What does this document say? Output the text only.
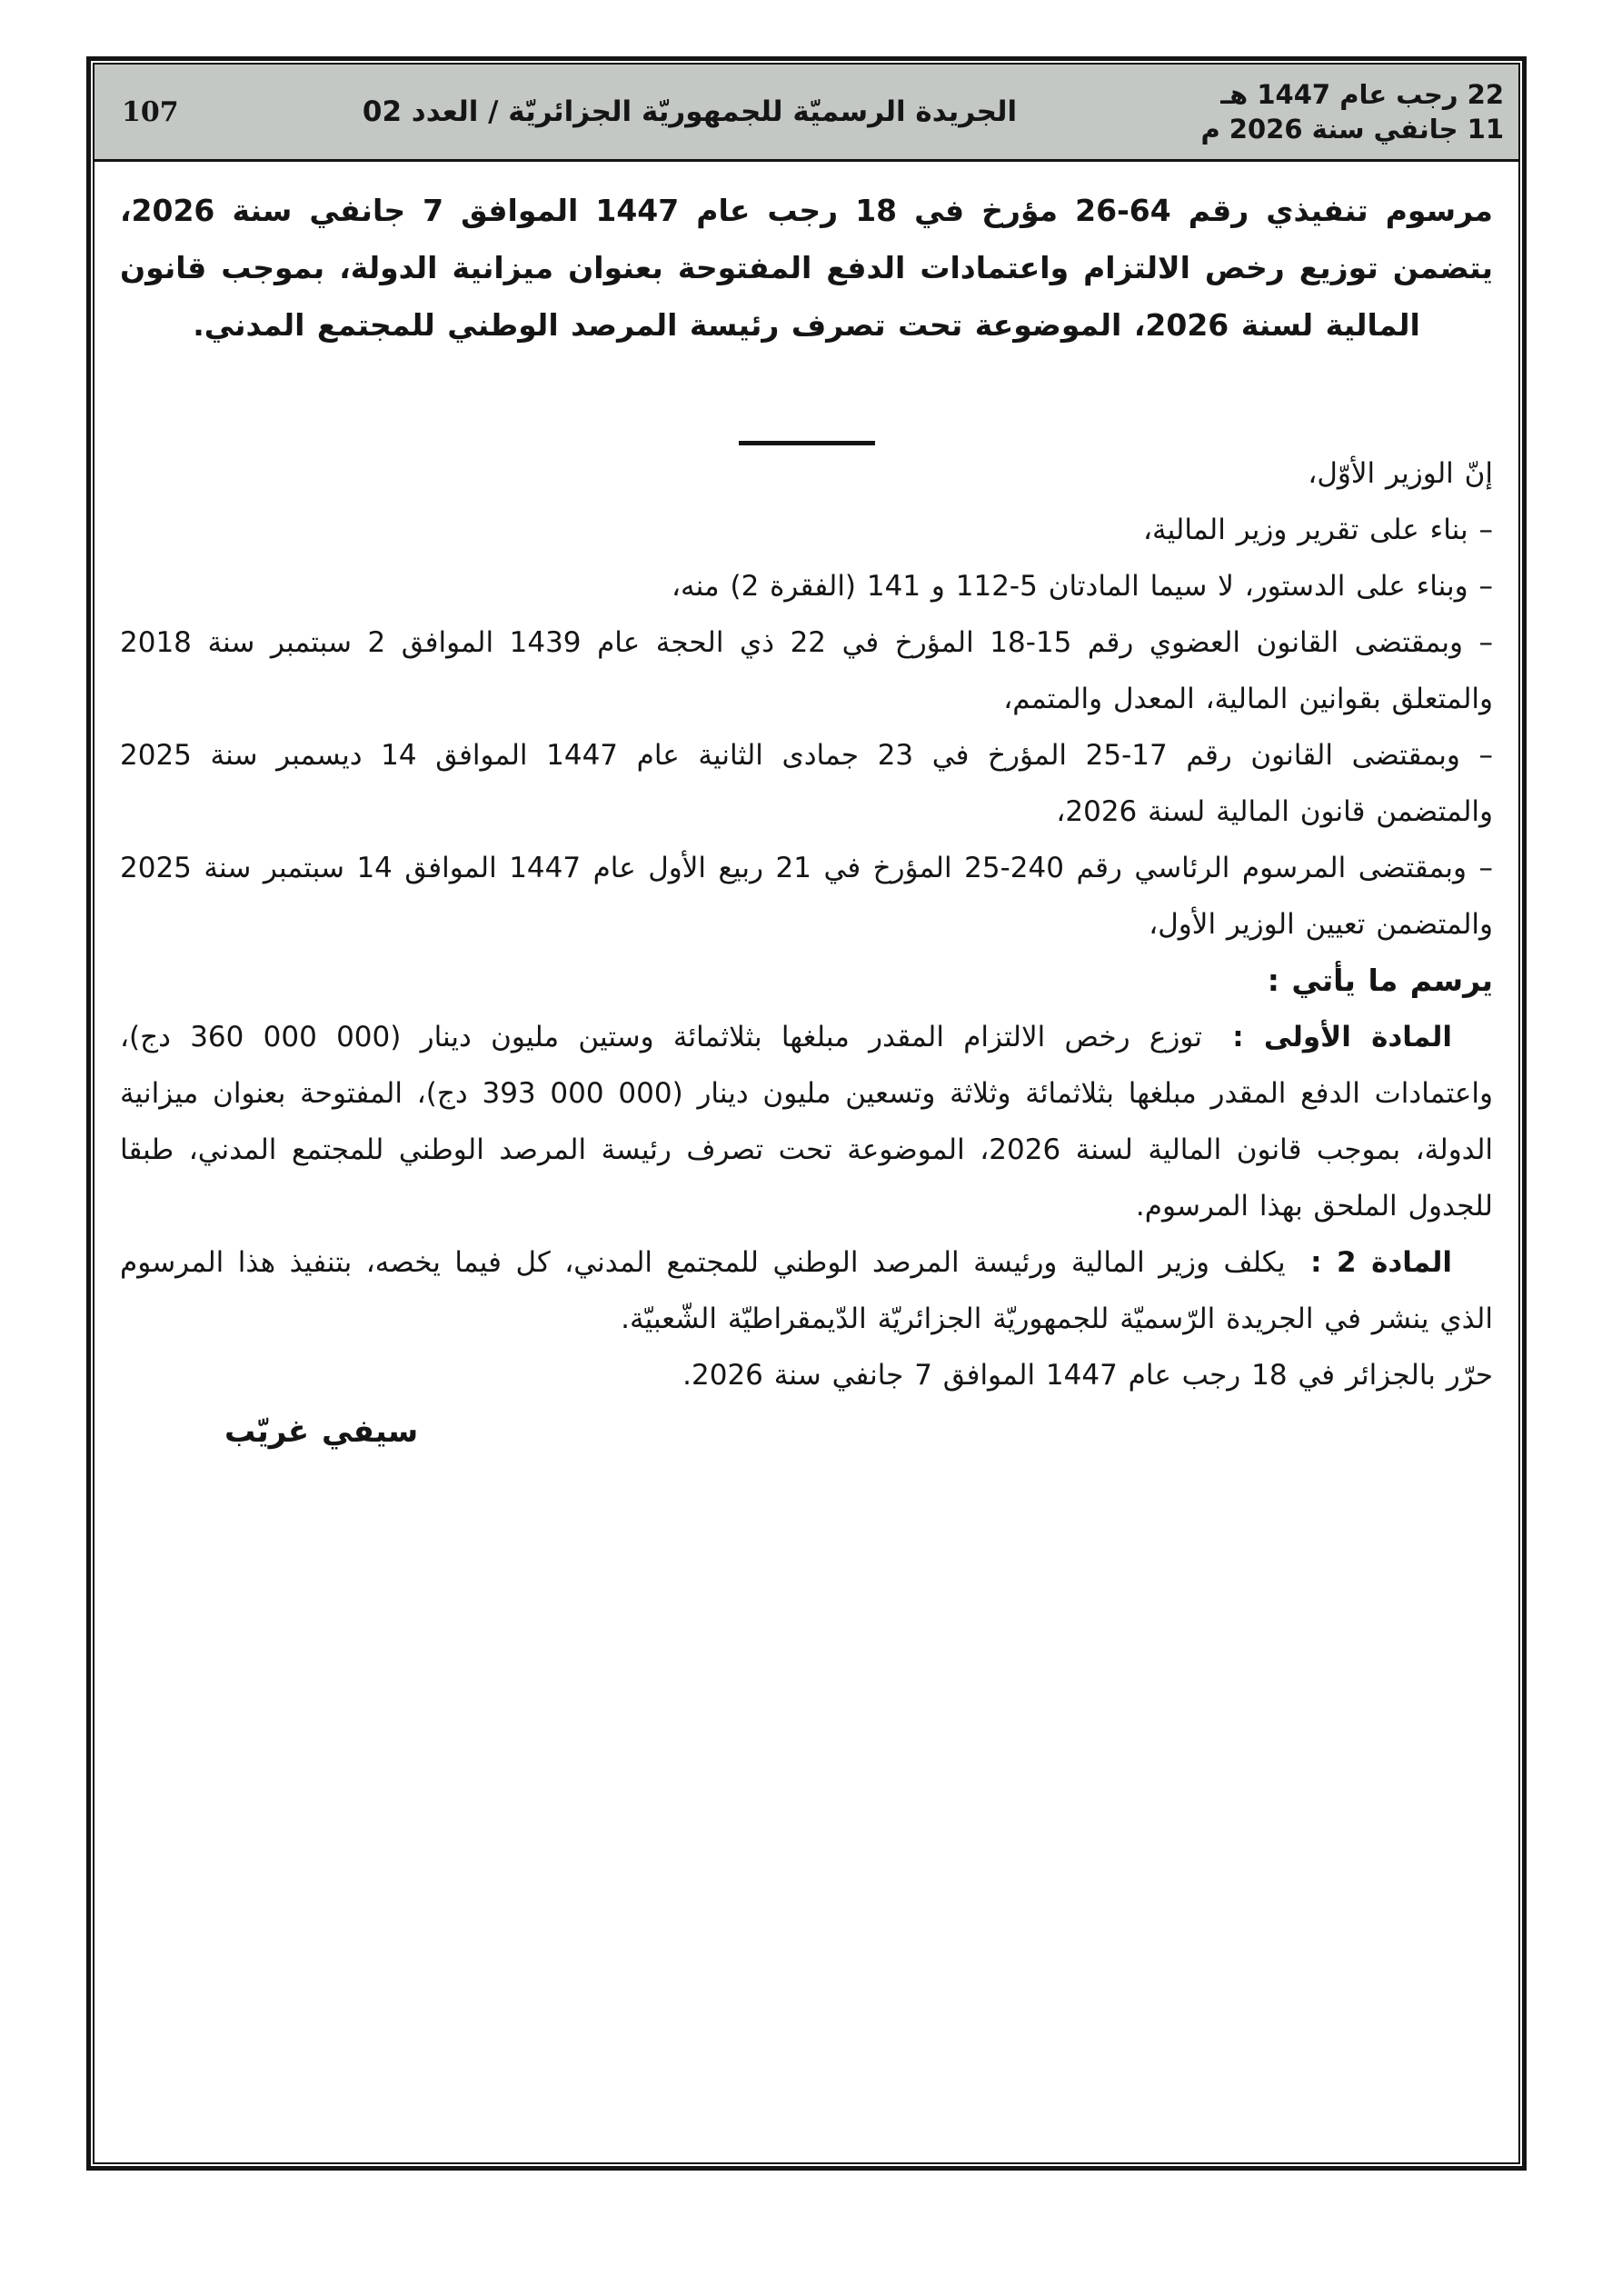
22 رجب عام 1447 هـ
11 جانفي سنة 2026 م
الجريدة الرسميّة للجمهوريّة الجزائريّة / العدد 02
107

مرسوم تنفيذي رقم 64-26 مؤرخ في 18 رجب عام 1447 الموافق 7 جانفي سنة 2026، يتضمن توزيع رخص الالتزام واعتمادات الدفع المفتوحة بعنوان ميزانية الدولة، بموجب قانون المالية لسنة 2026، الموضوعة تحت تصرف رئيسة المرصد الوطني للمجتمع المدني.

إنّ الوزير الأوّل،

– بناء على تقرير وزير المالية،

– وبناء على الدستور، لا سيما المادتان 5-112 و 141 (الفقرة 2) منه،

– وبمقتضى القانون العضوي رقم 15-18 المؤرخ في 22 ذي الحجة عام 1439 الموافق 2 سبتمبر سنة 2018 والمتعلق بقوانين المالية، المعدل والمتمم،

– وبمقتضى القانون رقم 17-25 المؤرخ في 23 جمادى الثانية عام 1447 الموافق 14 ديسمبر سنة 2025 والمتضمن قانون المالية لسنة 2026،

– وبمقتضى المرسوم الرئاسي رقم 240-25 المؤرخ في 21 ربيع الأول عام 1447 الموافق 14 سبتمبر سنة 2025 والمتضمن تعيين الوزير الأول،

يرسم ما يأتي :

المادة الأولى : توزع رخص الالتزام المقدر مبلغها بثلاثمائة وستين مليون دينار (360 000 000 دج)، واعتمادات الدفع المقدر مبلغها بثلاثمائة وثلاثة وتسعين مليون دينار (393 000 000 دج)، المفتوحة بعنوان ميزانية الدولة، بموجب قانون المالية لسنة 2026، الموضوعة تحت تصرف رئيسة المرصد الوطني للمجتمع المدني، طبقا للجدول الملحق بهذا المرسوم.

المادة 2 : يكلف وزير المالية ورئيسة المرصد الوطني للمجتمع المدني، كل فيما يخصه، بتنفيذ هذا المرسوم الذي ينشر في الجريدة الرّسميّة للجمهوريّة الجزائريّة الدّيمقراطيّة الشّعبيّة.

حرّر بالجزائر في 18 رجب عام 1447 الموافق 7 جانفي سنة 2026.

سيفي غريّب
